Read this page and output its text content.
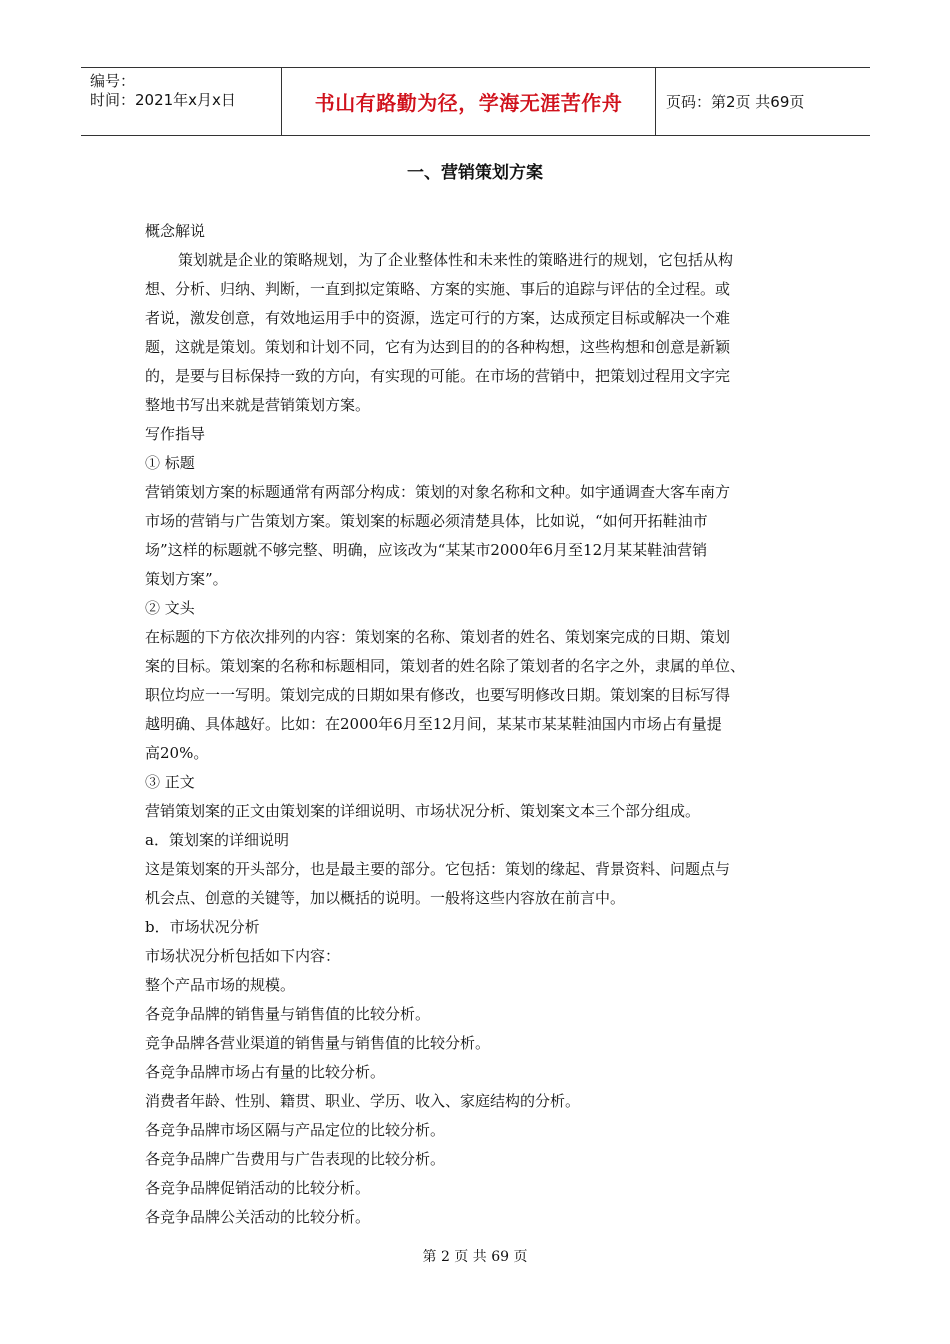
编号：
时间：2021年x月x日	书山有路勤为径，学海无涯苦作舟	页码：第2页 共69页
一、营销策划方案

概念解说

策划就是企业的策略规划，为了企业整体性和未来性的策略进行的规划，它包括从构

想、分析、归纳、判断，一直到拟定策略、方案的实施、事后的追踪与评估的全过程。或

者说，激发创意，有效地运用手中的资源，选定可行的方案，达成预定目标或解决一个难

题，这就是策划。策划和计划不同，它有为达到目的的各种构想，这些构想和创意是新颖

的，是要与目标保持一致的方向，有实现的可能。在市场的营销中，把策划过程用文字完

整地书写出来就是营销策划方案。

写作指导

① 标题

营销策划方案的标题通常有两部分构成：策划的对象名称和文种。如宇通调查大客车南方

市场的营销与广告策划方案。策划案的标题必须清楚具体，比如说，“如何开拓鞋油市

场”这样的标题就不够完整、明确，应该改为“某某市2000年6月至12月某某鞋油营销

策划方案”。

② 文头

在标题的下方依次排列的内容：策划案的名称、策划者的姓名、策划案完成的日期、策划

案的目标。策划案的名称和标题相同，策划者的姓名除了策划者的名字之外，隶属的单位、

职位均应一一写明。策划完成的日期如果有修改，也要写明修改日期。策划案的目标写得

越明确、具体越好。比如：在2000年6月至12月间，某某市某某鞋油国内市场占有量提

高20%。

③ 正文

营销策划案的正文由策划案的详细说明、市场状况分析、策划案文本三个部分组成。

a．策划案的详细说明

这是策划案的开头部分，也是最主要的部分。它包括：策划的缘起、背景资料、问题点与

机会点、创意的关键等，加以概括的说明。一般将这些内容放在前言中。

b．市场状况分析

市场状况分析包括如下内容：

整个产品市场的规模。

各竞争品牌的销售量与销售值的比较分析。

竞争品牌各营业渠道的销售量与销售值的比较分析。

各竞争品牌市场占有量的比较分析。

消费者年龄、性别、籍贯、职业、学历、收入、家庭结构的分析。

各竞争品牌市场区隔与产品定位的比较分析。

各竞争品牌广告费用与广告表现的比较分析。

各竞争品牌促销活动的比较分析。

各竞争品牌公关活动的比较分析。

第 2 页 共 69 页
